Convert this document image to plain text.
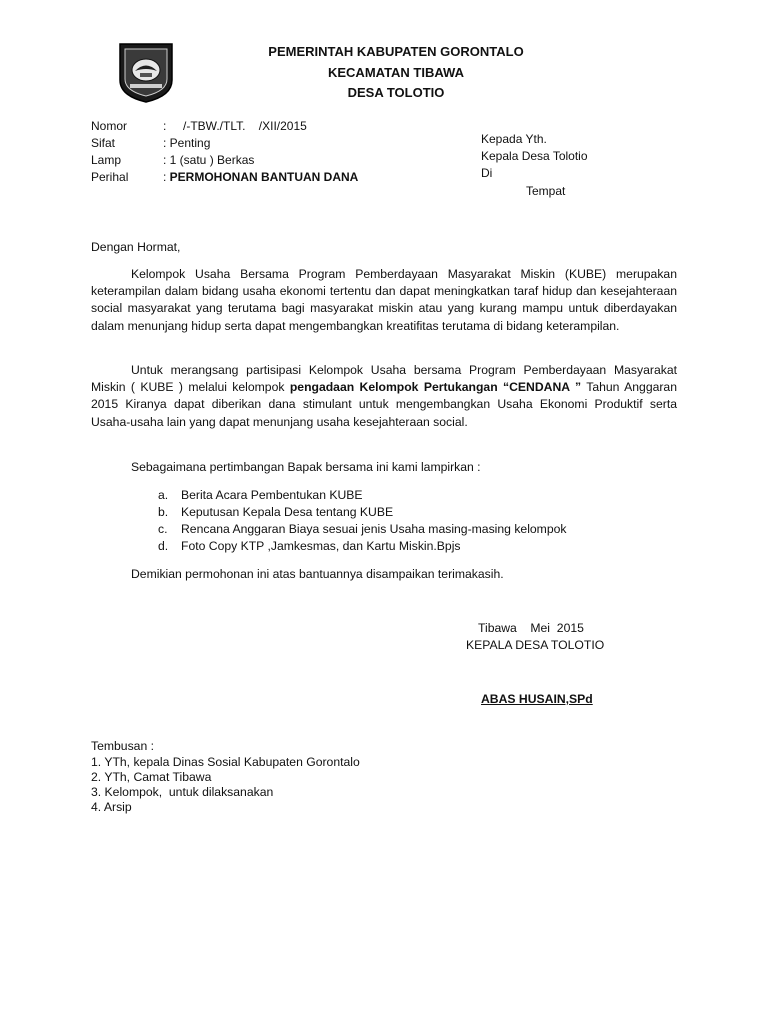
PEMERINTAH KABUPATEN GORONTALO
KECAMATAN TIBAWA
DESA TOLOTIO
Nomor	:     /-TBW./TLT.    /XII/2015
Sifat	: Penting
Lamp	: 1 (satu ) Berkas
Perihal	: PERMOHONAN BANTUAN DANA
Kepada Yth.
Kepala Desa Tolotio
Di
Tempat
Dengan Hormat,
Kelompok Usaha Bersama Program Pemberdayaan Masyarakat Miskin (KUBE) merupakan keterampilan dalam bidang usaha ekonomi tertentu dan dapat meningkatkan taraf hidup dan kesejahteraan social masyarakat yang terutama bagi masyarakat miskin atau yang kurang mampu untuk diberdayakan dalam menunjang hidup serta dapat mengembangkan kreatifitas terutama di bidang keterampilan.
Untuk merangsang partisipasi Kelompok Usaha bersama Program Pemberdayaan Masyarakat Miskin ( KUBE ) melalui kelompok pengadaan Kelompok Pertukangan “CENDANA ” Tahun Anggaran 2015 Kiranya dapat diberikan dana stimulant untuk mengembangkan Usaha Ekonomi Produktif serta Usaha-usaha lain yang dapat menunjang usaha kesejahteraan social.
Sebagaimana pertimbangan Bapak bersama ini kami lampirkan :
a. Berita Acara Pembentukan KUBE
b. Keputusan Kepala Desa tentang KUBE
c. Rencana Anggaran Biaya sesuai jenis Usaha masing-masing kelompok
d. Foto Copy KTP ,Jamkesmas, dan Kartu Miskin.Bpjs
Demikian permohonan ini atas bantuannya disampaikan terimakasih.
Tibawa    Mei  2015
KEPALA DESA TOLOTIO
ABAS HUSAIN,SPd
Tembusan :
1. YTh, kepala Dinas Sosial Kabupaten Gorontalo
2. YTh, Camat Tibawa
3. Kelompok,  untuk dilaksanakan
4. Arsip
